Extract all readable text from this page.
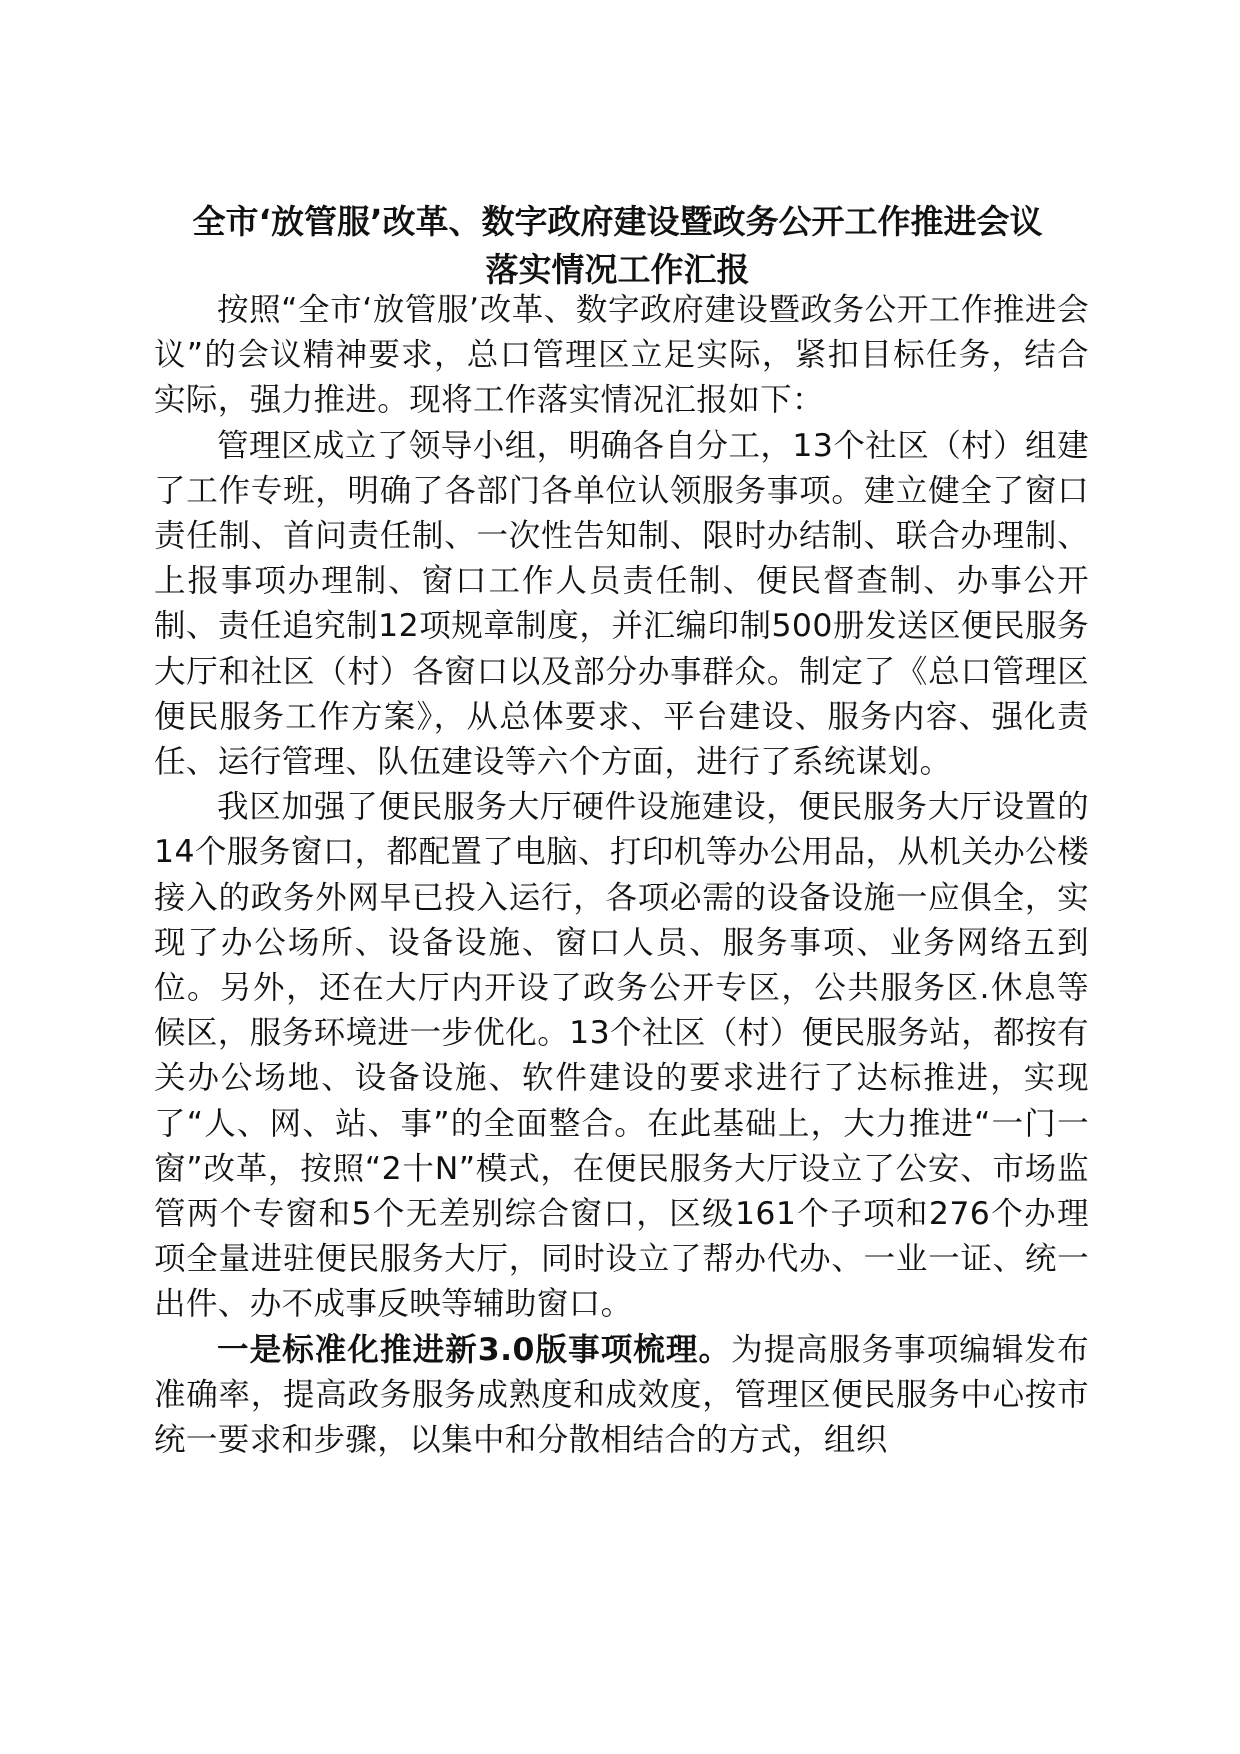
全市‘放管服’改革、数字政府建设暨政务公开工作推进会议
落实情况工作汇报

按照“全市‘放管服’改革、数字政府建设暨政务公开工作推进会议”的会议精神要求，总口管理区立足实际，紧扣目标任务，结合实际，强力推进。现将工作落实情况汇报如下：

管理区成立了领导小组，明确各自分工，13个社区（村）组建了工作专班，明确了各部门各单位认领服务事项。建立健全了窗口责任制、首问责任制、一次性告知制、限时办结制、联合办理制、上报事项办理制、窗口工作人员责任制、便民督查制、办事公开制、责任追究制12项规章制度，并汇编印制500册发送区便民服务大厅和社区（村）各窗口以及部分办事群众。制定了《总口管理区便民服务工作方案》，从总体要求、平台建设、服务内容、强化责任、运行管理、队伍建设等六个方面，进行了系统谋划。

我区加强了便民服务大厅硬件设施建设，便民服务大厅设置的14个服务窗口，都配置了电脑、打印机等办公用品，从机关办公楼接入的政务外网早已投入运行，各项必需的设备设施一应俱全，实现了办公场所、设备设施、窗口人员、服务事项、业务网络五到位。另外，还在大厅内开设了政务公开专区，公共服务区.休息等候区，服务环境进一步优化。13个社区（村）便民服务站，都按有关办公场地、设备设施、软件建设的要求进行了达标推进，实现了“人、网、站、事”的全面整合。在此基础上，大力推进“一门一窗”改革，按照“2十N”模式，在便民服务大厅设立了公安、市场监管两个专窗和5个无差别综合窗口，区级161个子项和276个办理项全量进驻便民服务大厅，同时设立了帮办代办、一业一证、统一出件、办不成事反映等辅助窗口。

一是标准化推进新3.0版事项梳理。为提高服务事项编辑发布准确率，提高政务服务成熟度和成效度，管理区便民服务中心按市统一要求和步骤，以集中和分散相结合的方式，组织
